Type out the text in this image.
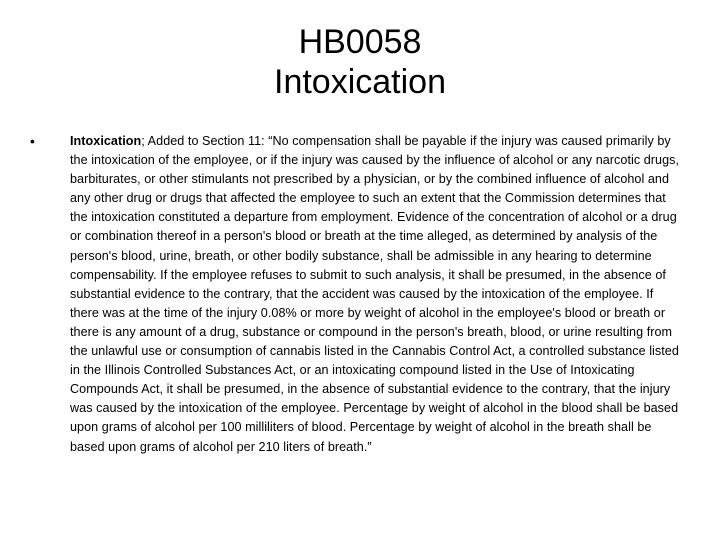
HB0058
Intoxication
•	Intoxication; Added to Section 11: “No compensation shall be payable if the injury was caused primarily by the intoxication of the employee, or if the injury was caused by the influence of alcohol or any narcotic drugs, barbiturates, or other stimulants not prescribed by a physician, or by the combined influence of alcohol and any other drug or drugs that affected the employee to such an extent that the Commission determines that the intoxication constituted a departure from employment. Evidence of the concentration of alcohol or a drug or combination thereof in a person's blood or breath at the time alleged, as determined by analysis of the person's blood, urine, breath, or other bodily substance, shall be admissible in any hearing to determine compensability. If the employee refuses to submit to such analysis, it shall be presumed, in the absence of substantial evidence to the contrary, that the accident was caused by the intoxication of the employee. If there was at the time of the injury 0.08% or more by weight of alcohol in the employee's blood or breath or there is any amount of a drug, substance or compound in the person's breath, blood, or urine resulting from the unlawful use or consumption of cannabis listed in the Cannabis Control Act, a controlled substance listed in the Illinois Controlled Substances Act, or an intoxicating compound listed in the Use of Intoxicating Compounds Act, it shall be presumed, in the absence of substantial evidence to the contrary, that the injury was caused by the intoxication of the employee. Percentage by weight of alcohol in the blood shall be based upon grams of alcohol per 100 milliliters of blood. Percentage by weight of alcohol in the breath shall be based upon grams of alcohol per 210 liters of breath.”
